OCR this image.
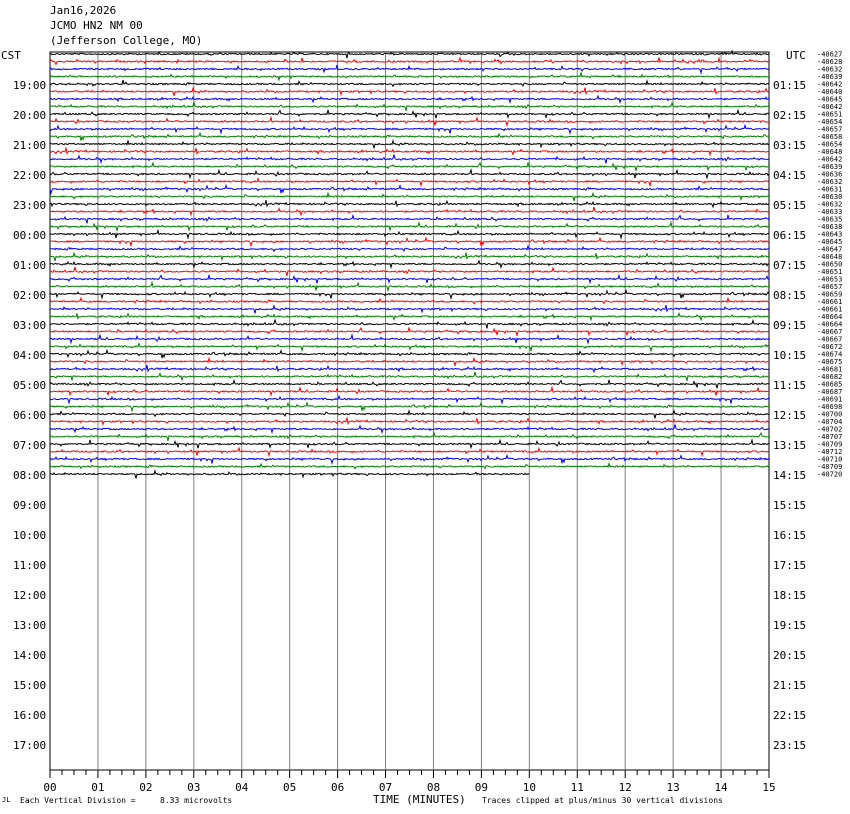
Jan16,2026
JCMO HN2 NM 00
(Jefferson College, MO)
CST	UTC
00	01	02	03	04	05	06	07	08	09	10	11	12	13	14	15
19:00
20:00
21:00
22:00
23:00
00:00
01:00
02:00
03:00
04:00
05:00
06:00
07:00
08:00
09:00
10:00
11:00
12:00
13:00
14:00
15:00
16:00
17:00
01:15
02:15
03:15
04:15
05:15
06:15
07:15
08:15
09:15
10:15
11:15
12:15
13:15
14:15
15:15
16:15
17:15
18:15
19:15
20:15
21:15
22:15
23:15
-40627
-40628
-40632
-40639
-40642
-40640
-40645
-40642
-40651
-40654
-40657
-40658
-40654
-40648
-40642
-40639
-40636
-40632
-40631
-40630
-40632
-40633
-40635
-40638
-40643
-40645
-40647
-40648
-40650
-40651
-40653
-40657
-40659
-40661
-40661
-40664
-40664
-40667
-40667
-40672
-40674
-40675
-40681
-40682
-40685
-40687
-40691
-40698
-40700
-40704
-40702
-40707
-40709
-40712
-40710
-40709
-40720
JL Each Vertical Division =	8.33 microvolts	TIME (MINUTES) Traces clipped at plus/minus 30 vertical divisions
